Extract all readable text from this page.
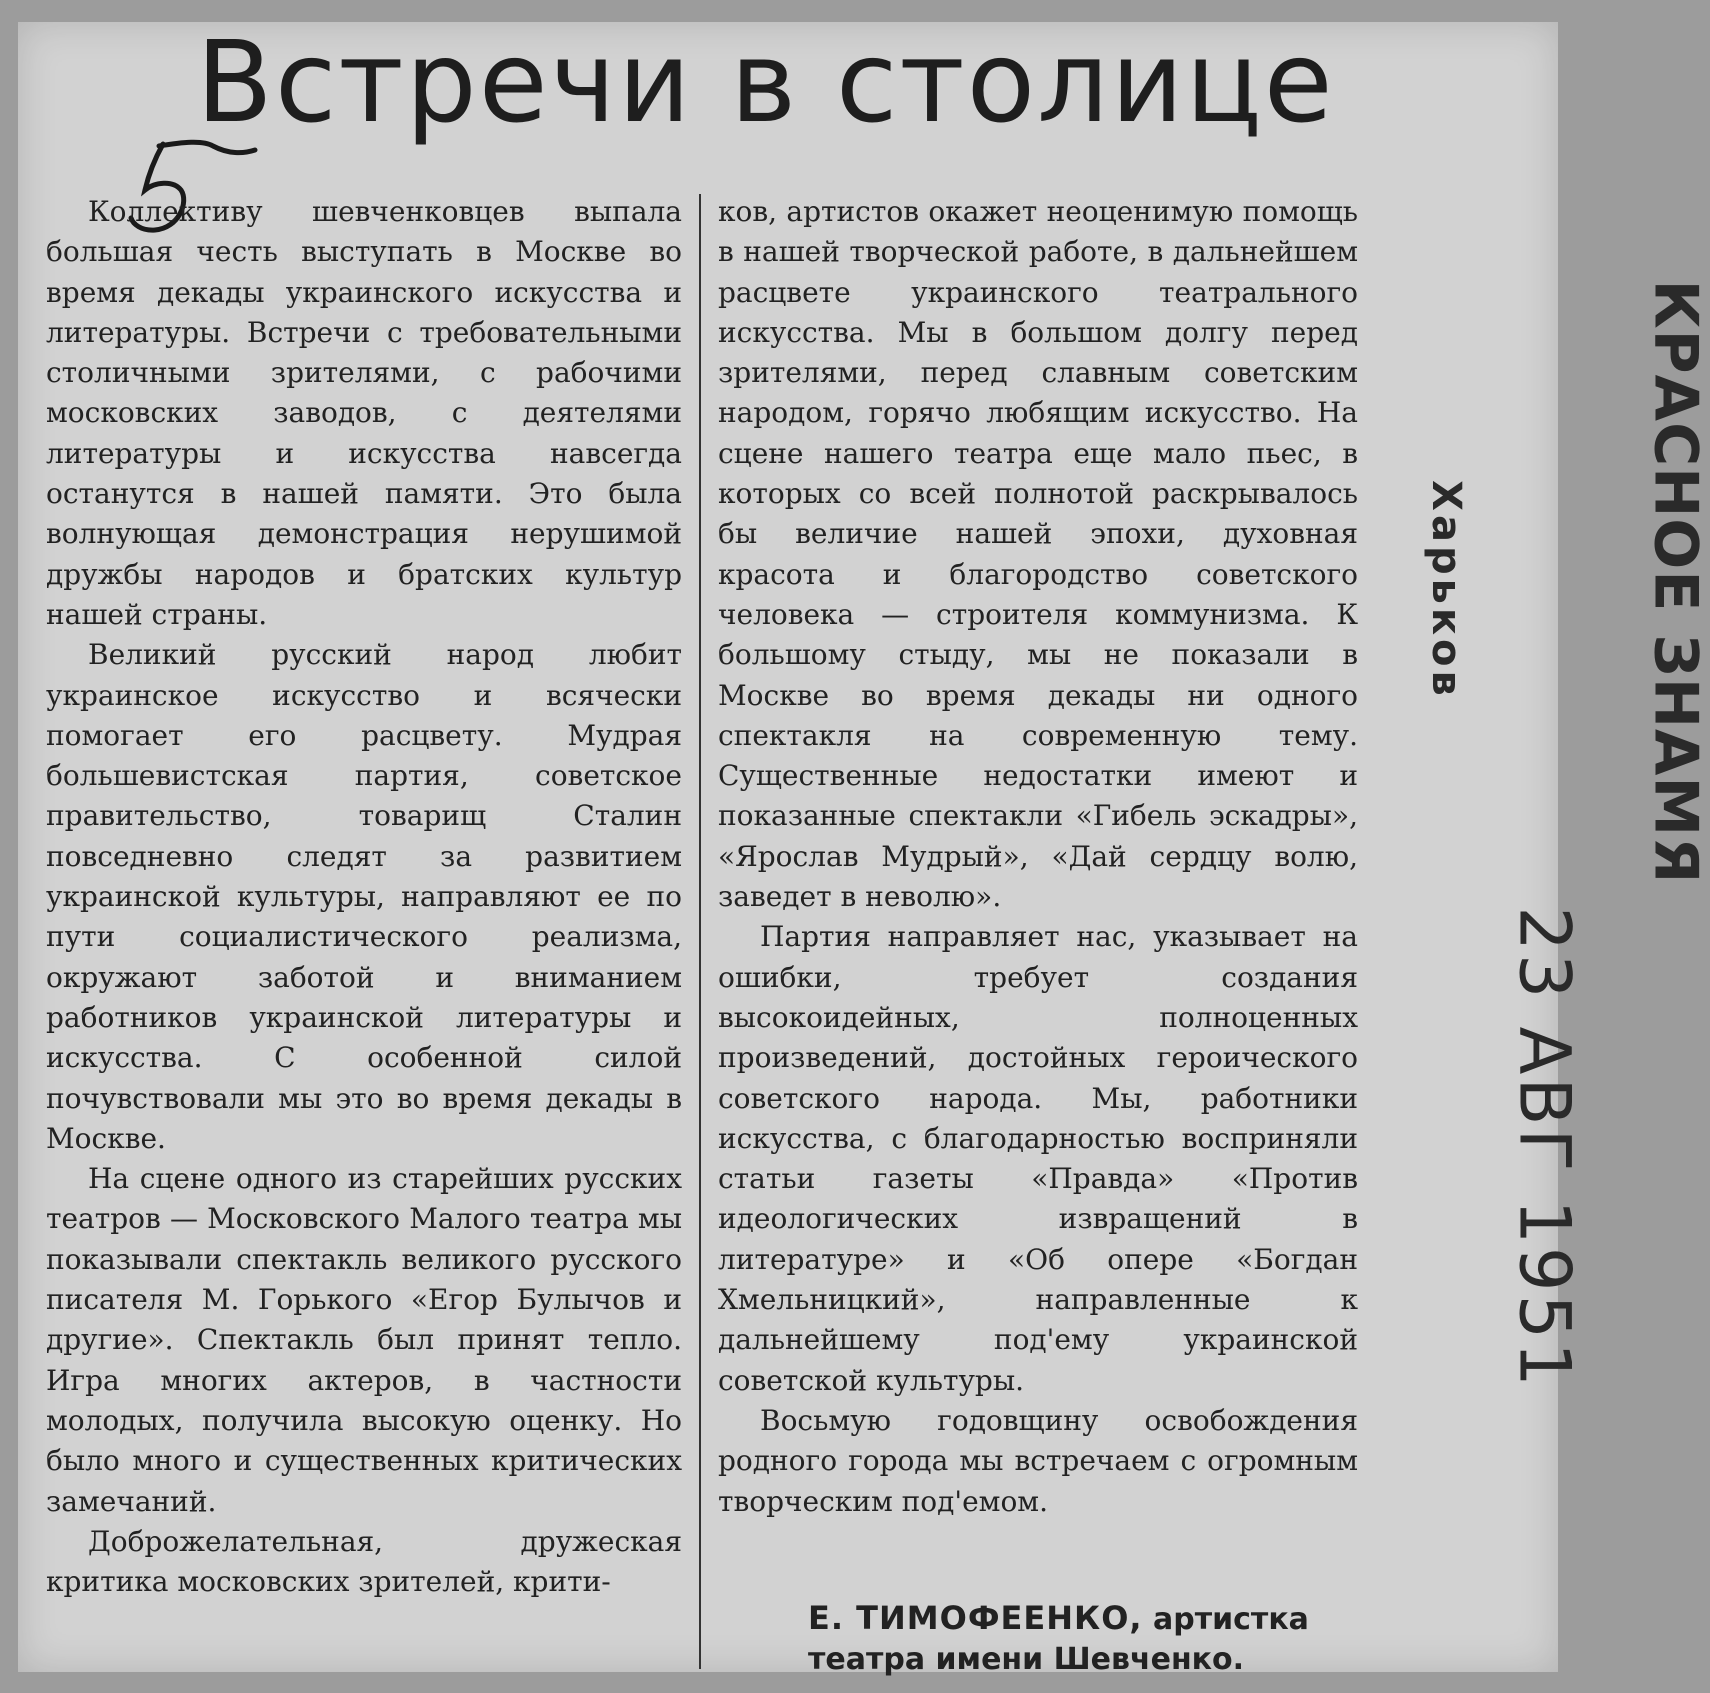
Встречи в столице

Коллективу шевченковцев выпала большая честь выступать в Москве во время декады украинского искусства и литературы. Встречи с требовательными столичными зрителями, с рабочими московских заводов, с деятелями литературы и искусства навсегда останутся в нашей памяти. Это была волнующая демонстрация нерушимой дружбы народов и братских культур нашей страны.

Великий русский народ любит украинское искусство и всячески помогает его расцвету. Мудрая большевистская партия, советское правительство, товарищ Сталин повседневно следят за развитием украинской культуры, направляют ее по пути социалистического реализма, окружают заботой и вниманием работников украинской литературы и искусства. С особенной силой почувствовали мы это во время декады в Москве.

На сцене одного из старейших русских театров — Московского Малого театра мы показывали спектакль великого русского писателя М. Горького «Егор Булычов и другие». Спектакль был принят тепло. Игра многих актеров, в частности молодых, получила высокую оценку. Но было много и существенных критических замечаний.

Доброжелательная, дружеская критика московских зрителей, крити-

ков, артистов окажет неоценимую помощь в нашей творческой работе, в дальнейшем расцвете украинского театрального искусства. Мы в большом долгу перед зрителями, перед славным советским народом, горячо любящим искусство. На сцене нашего театра еще мало пьес, в которых со всей полнотой раскрывалось бы величие нашей эпохи, духовная красота и благородство советского человека — строителя коммунизма. К большому стыду, мы не показали в Москве во время декады ни одного спектакля на современную тему. Существенные недостатки имеют и показанные спектакли «Гибель эскадры», «Ярослав Мудрый», «Дай сердцу волю, заведет в неволю».

Партия направляет нас, указывает на ошибки, требует создания высокоидейных, полноценных произведений, достойных героического советского народа. Мы, работники искусства, с благодарностью восприняли статьи газеты «Правда» «Против идеологических извращений в литературе» и «Об опере «Богдан Хмельницкий», направленные к дальнейшему под'ему украинской советской культуры.

Восьмую годовщину освобождения родного города мы встречаем с огромным творческим под'емом.

Е. ТИМОФЕЕНКО, артистка
театра имени Шевченко.
КРАСНОЕ ЗНАМЯ
Харьков
23 АВГ 1951
